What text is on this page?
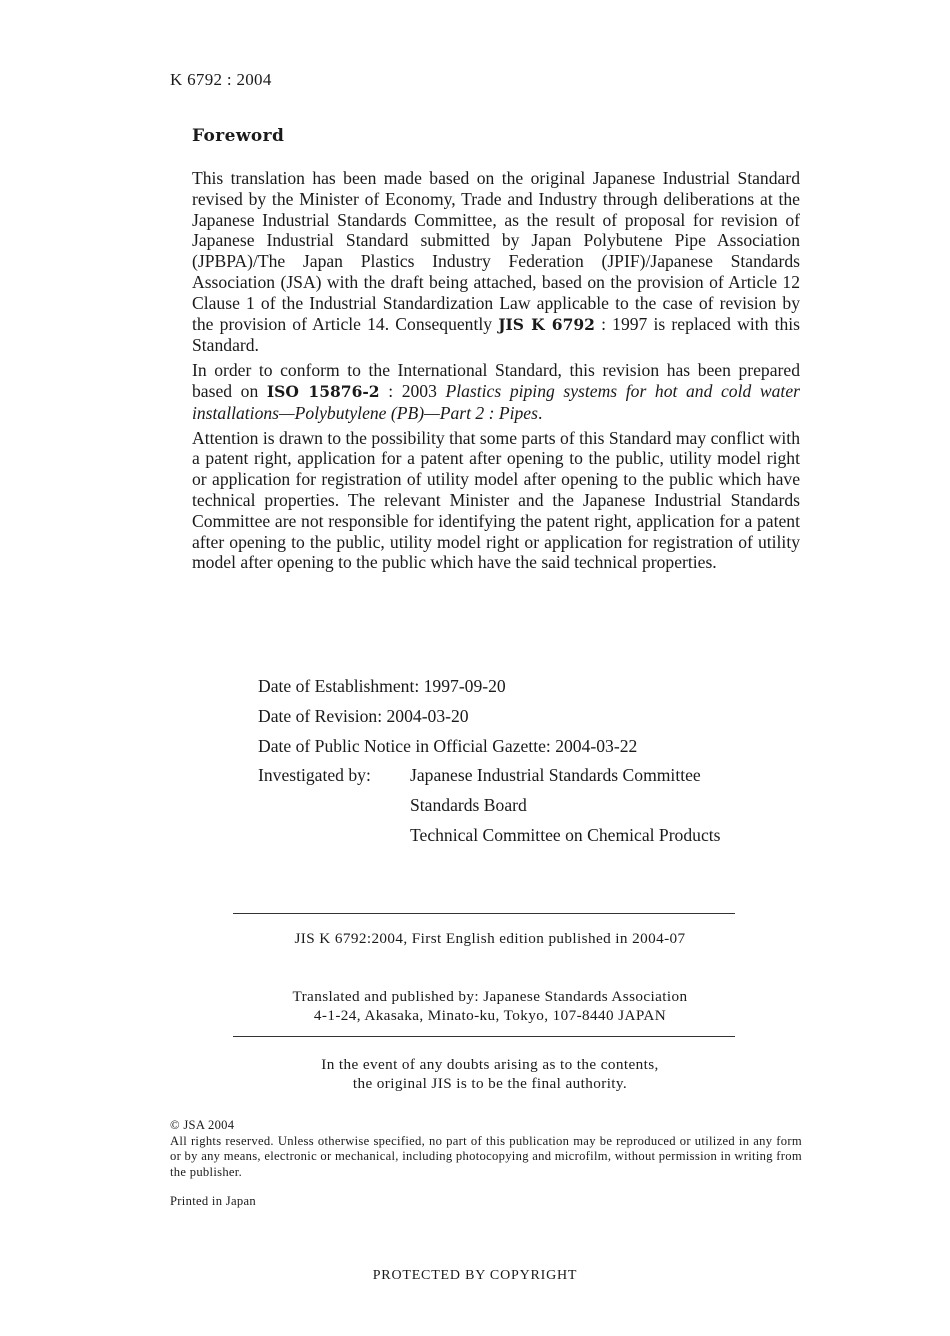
K 6792 : 2004
Foreword

This translation has been made based on the original Japanese Industrial Standard revised by the Minister of Economy, Trade and Industry through deliberations at the Japanese Industrial Standards Committee, as the result of proposal for revision of Japanese Industrial Standard submitted by Japan Polybutene Pipe Association (JPBPA)/The Japan Plastics Industry Federation (JPIF)/Japanese Standards Association (JSA) with the draft being attached, based on the provision of Article 12 Clause 1 of the Industrial Standardization Law applicable to the case of revision by the provision of Article 14. Consequently JIS K 6792 : 1997 is replaced with this Standard.

In order to conform to the International Standard, this revision has been prepared based on ISO 15876-2 : 2003 Plastics piping systems for hot and cold water installations—Polybutylene (PB)—Part 2 : Pipes.

Attention is drawn to the possibility that some parts of this Standard may conflict with a patent right, application for a patent after opening to the public, utility model right or application for registration of utility model after opening to the public which have technical properties. The relevant Minister and the Japanese Industrial Standards Committee are not responsible for identifying the patent right, application for a patent after opening to the public, utility model right or application for registration of utility model after opening to the public which have the said technical properties.

Date of Establishment: 1997-09-20
Date of Revision: 2004-03-20
Date of Public Notice in Official Gazette: 2004-03-22
Investigated by: Japanese Industrial Standards Committee
Standards Board
Technical Committee on Chemical Products
JIS K 6792:2004, First English edition published in 2004-07
Translated and published by: Japanese Standards Association
4-1-24, Akasaka, Minato-ku, Tokyo, 107-8440 JAPAN
In the event of any doubts arising as to the contents,
the original JIS is to be the final authority.
© JSA 2004
All rights reserved. Unless otherwise specified, no part of this publication may be reproduced or utilized in any form or by any means, electronic or mechanical, including photocopying and microfilm, without permission in writing from the publisher.
Printed in Japan
PROTECTED BY COPYRIGHT
